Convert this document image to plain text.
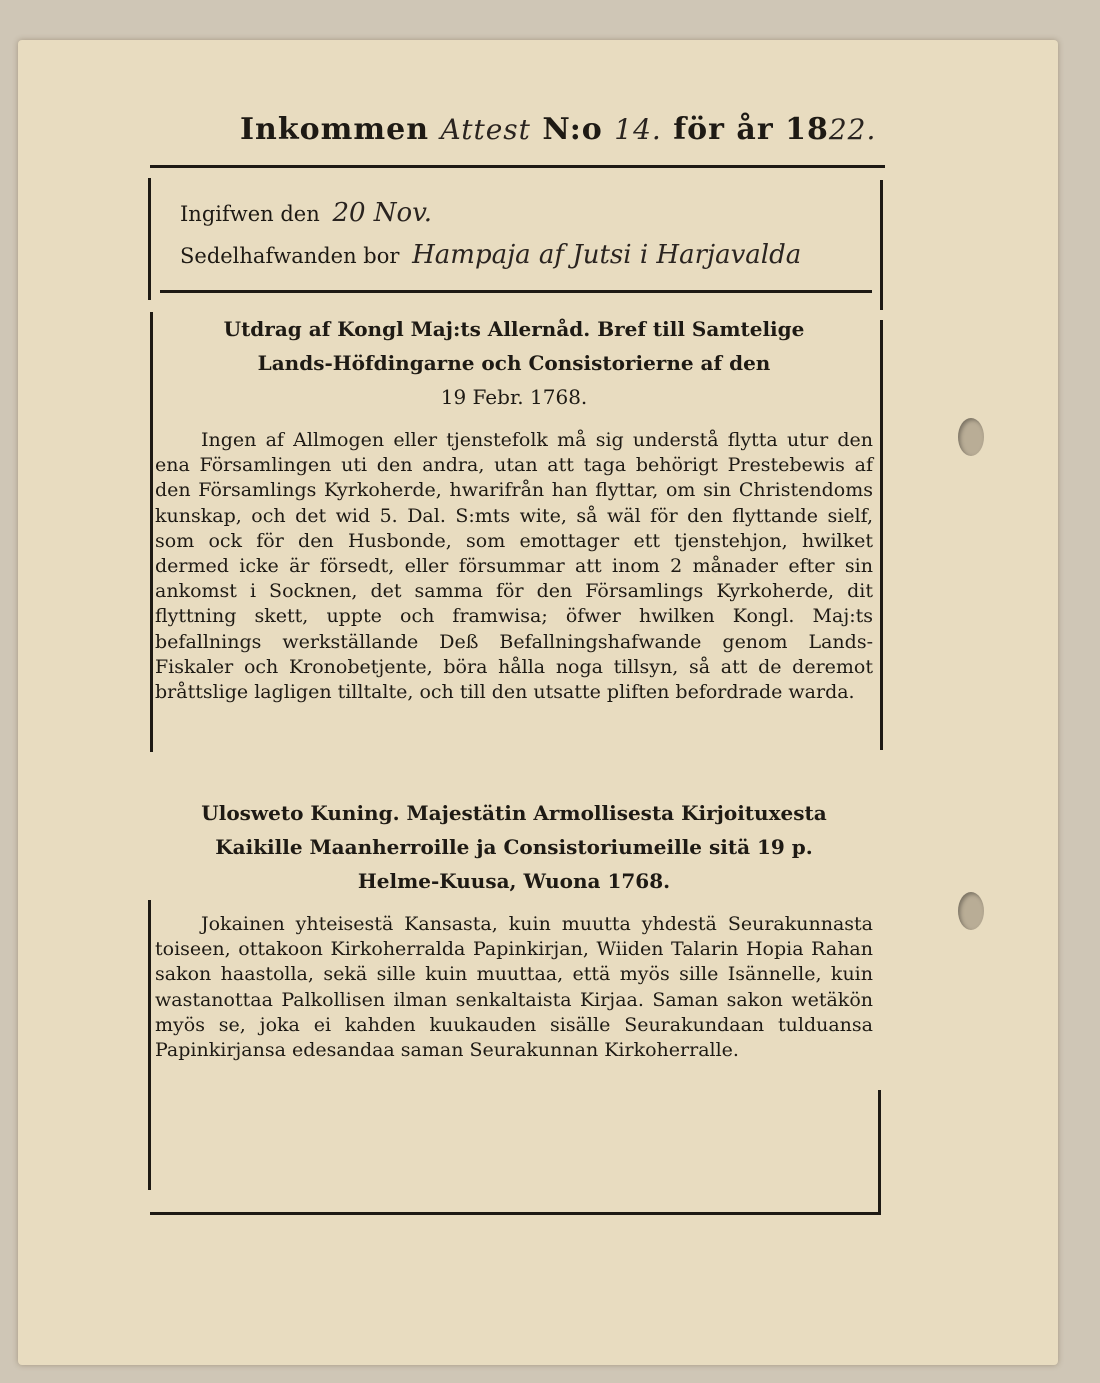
Inkommen Attest N:o 14. för år 1822.
Ingifwen den 20 Nov.
Sedelhafwanden bor Hampaja af Jutsi i Harjavalda
Utdrag af Kongl Maj:ts Allernåd. Bref till Samtelige
Lands-Höfdingarne och Consistorierne af den
19 Febr. 1768.

Ingen af Allmogen eller tjenstefolk må sig understå flytta utur den ena Församlingen uti den andra, utan att taga behörigt Prestebewis af den Församlings Kyrkoherde, hwarifrån han flyttar, om sin Christendoms kunskap, och det wid 5. Dal. S:mts wite, så wäl för den flyttande sielf, som ock för den Husbonde, som emottager ett tjenstehjon, hwilket dermed icke är försedt, eller försummar att inom 2 månader efter sin ankomst i Socknen, det samma för den Församlings Kyrkoherde, dit flyttning skett, uppte och framwisa; öfwer hwilken Kongl. Maj:ts befallnings werkställande Deß Befallningshafwande genom Lands-Fiskaler och Kronobetjente, böra hålla noga tillsyn, så att de deremot bråttslige lagligen tilltalte, och till den utsatte pliften befordrade warda.

Ulosweto Kuning. Majestätin Armollisesta Kirjoituxesta
Kaikille Maanherroille ja Consistoriumeille sitä 19 p.
Helme-Kuusa, Wuona 1768.

Jokainen yhteisestä Kansasta, kuin muutta yhdestä Seurakunnasta toiseen, ottakoon Kirkoherralda Papinkirjan, Wiiden Talarin Hopia Rahan sakon haastolla, sekä sille kuin muuttaa, että myös sille Isännelle, kuin wastanottaa Palkollisen ilman senkaltaista Kirjaa. Saman sakon wetäkön myös se, joka ei kahden kuukauden sisälle Seurakundaan tulduansa Papinkirjansa edesandaa saman Seurakunnan Kirkoherralle.
